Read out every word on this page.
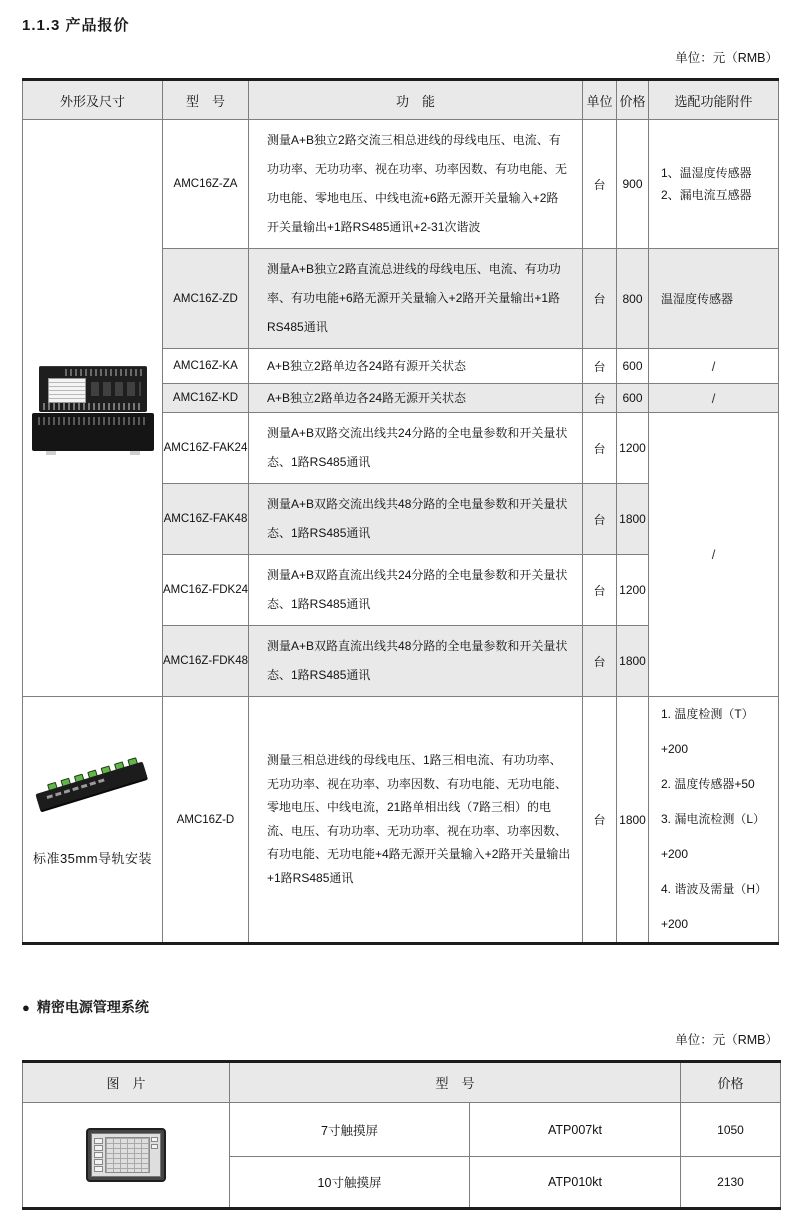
1.1.3 产品报价
单位：元（RMB）
外形及尺寸	型　号	功　能	单位	价格	选配功能附件

	AMC16Z-ZA	测量A+B独立2路交流三相总进线的母线电压、电流、有功功率、无功功率、视在功率、功率因数、有功电能、无功电能、零地电压、中线电流+6路无源开关量输入+2路开关量输出+1路RS485通讯+2-31次谐波	台	900	1、温湿度传感器
2、漏电流互感器

	AMC16Z-ZD	测量A+B独立2路直流总进线的母线电压、电流、有功功率、有功电能+6路无源开关量输入+2路开关量输出+1路RS485通讯	台	800	温湿度传感器
	AMC16Z-KA	A+B独立2路单边各24路有源开关状态	台	600	/
	AMC16Z-KD	A+B独立2路单边各24路无源开关状态	台	600	/
	AMC16Z-FAK24	测量A+B双路交流出线共24分路的全电量参数和开关量状态、1路RS485通讯	台	1200	/
	AMC16Z-FAK48	测量A+B双路交流出线共48分路的全电量参数和开关量状态、1路RS485通讯	台	1800	
	AMC16Z-FDK24	测量A+B双路直流出线共24分路的全电量参数和开关量状态、1路RS485通讯	台	1200	
	AMC16Z-FDK48	测量A+B双路直流出线共48分路的全电量参数和开关量状态、1路RS485通讯	台	1800	

标准35mm导轨安装	AMC16Z-D	测量三相总进线的母线电压、1路三相电流、有功功率、无功功率、视在功率、功率因数、有功电能、无功电能、零地电压、中线电流，21路单相出线（7路三相）的电流、电压、有功功率、无功功率、视在功率、功率因数、有功电能、无功电能+4路无源开关量输入+2路开关量输出+1路RS485通讯	台	1800	1. 温度检测（T）+200
2. 温度传感器+50
3. 漏电流检测（L）+200
4. 谐波及需量（H）+200
● 精密电源管理系统
单位：元（RMB）
图　片	型　号		价格

	7寸触摸屏	ATP007kt	1050
	10寸触摸屏	ATP010kt	2130
